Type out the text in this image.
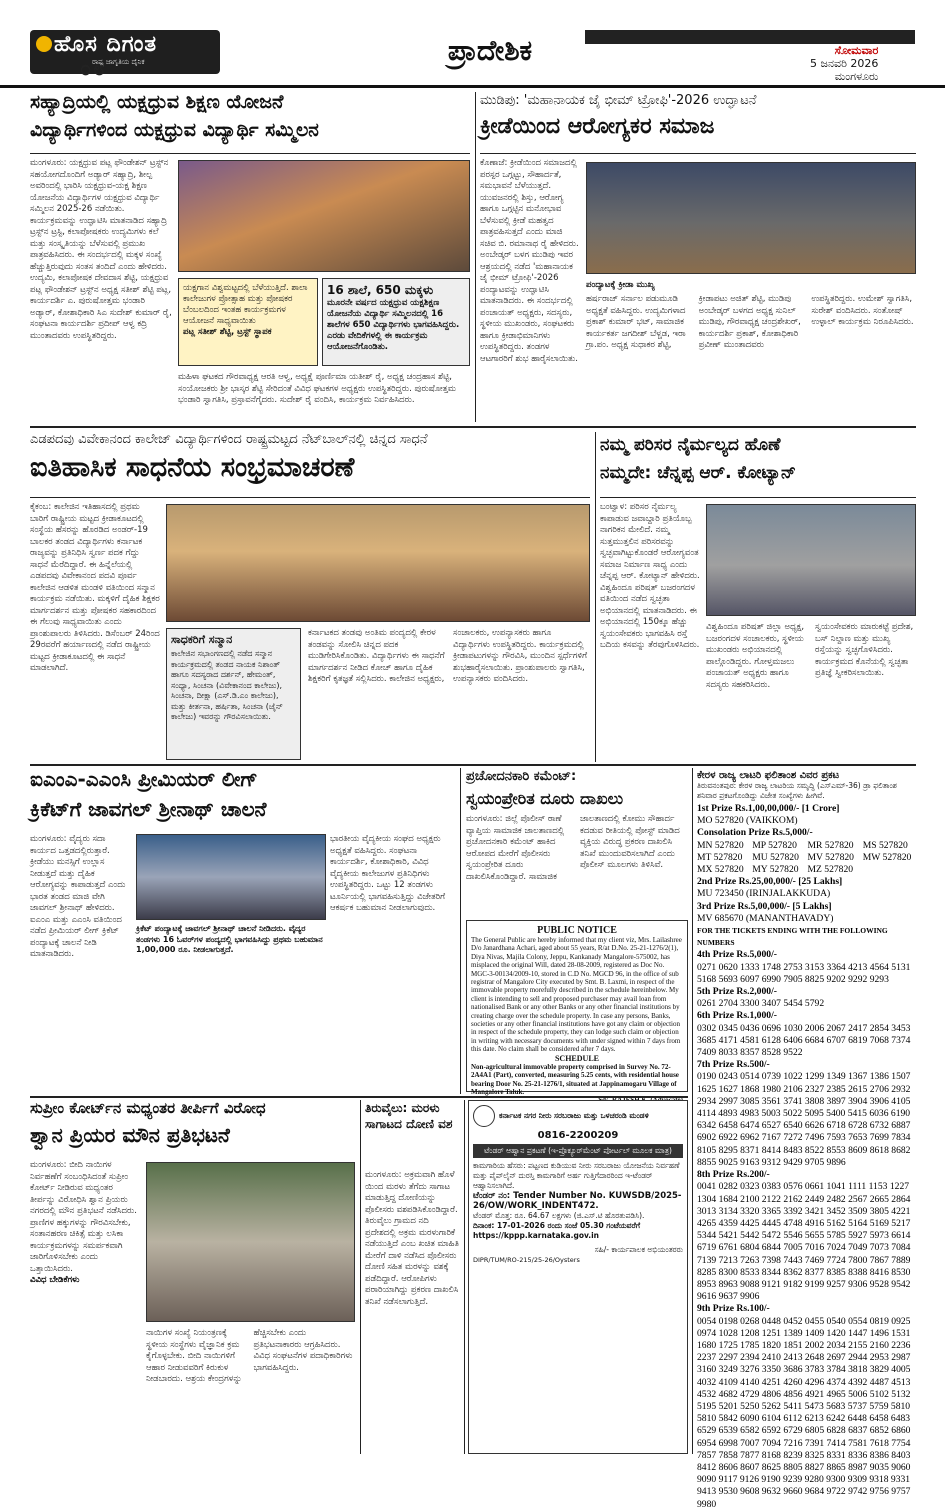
ಹೊಸ ದಿಗಂತ
ರಾಷ್ಟ್ರ ಜಾಗೃತಿಯ ದೈನಿಕ
೦೮
ಪ್ರಾದೇಶಿಕ	ಸೋಮವಾರ
5 ಜನವರಿ 2026
ಮಂಗಳೂರು
ಸಹ್ಯಾದ್ರಿಯಲ್ಲಿ ಯಕ್ಷಧ್ರುವ ಶಿಕ್ಷಣ ಯೋಜನೆ
ವಿದ್ಯಾರ್ಥಿಗಳಿಂದ ಯಕ್ಷಧ್ರುವ ವಿದ್ಯಾರ್ಥಿ ಸಮ್ಮಿಲನ
ಮಂಗಳೂರು: ಯಕ್ಷಧ್ರುವ ಪಟ್ಲ ಫೌಂಡೇಶನ್ ಟ್ರಸ್ಟ್‌ನ ಸಹಯೋಗದೊಂದಿಗೆ ಅಡ್ಯಾರ್ ಸಹ್ಯಾದ್ರಿ, ಶೀಲ್ಪ ಅವರಿಂದಲ್ಲಿ ಭಾರಿಸಿ ಯಕ್ಷಧ್ರುವ-ಯಕ್ಷ ಶಿಕ್ಷಣ ಯೋಜನೆಯ ವಿದ್ಯಾರ್ಥಿಗಳ ಯಕ್ಷಧ್ರುವ ವಿದ್ಯಾರ್ಥಿ ಸಮ್ಮಿಲನ 2025-26 ನಡೆಯಿತು. ಕಾರ್ಯಕ್ರಮವನ್ನು ಉದ್ಘಾಟಿಸಿ ಮಾತನಾಡಿದ ಸಹ್ಯಾದ್ರಿ ಟ್ರಸ್ಟ್‌ನ ಟ್ರಸ್ಟಿ, ಕಲಾಪೋಷಕರು ಉದ್ಯಮಿಗಳು ಕಲೆ ಮತ್ತು ಸಂಸ್ಕೃತಿಯನ್ನು ಬೆಳೆಸುವಲ್ಲಿ ಪ್ರಮುಖ ಪಾತ್ರವಹಿಸಿದರು. ಈ ಸಂದರ್ಭದಲ್ಲಿ ಮಕ್ಕಳ ಸಂಖ್ಯೆ ಹೆಚ್ಚುತ್ತಿರುವುದು ಸಂತಸ ತಂದಿದೆ ಎಂದು ಹೇಳಿದರು. ಉದ್ಯಮಿ, ಕಲಾಪೋಷಕ ದೇವದಾಸ ಶೆಟ್ಟಿ, ಯಕ್ಷಧ್ರುವ ಪಟ್ಲ ಫೌಂಡೇಶನ್ ಟ್ರಸ್ಟ್‌ನ ಅಧ್ಯಕ್ಷ ಸತೀಶ್ ಶೆಟ್ಟಿ ಪಟ್ಲ, ಕಾರ್ಯದರ್ಶಿ ಎ. ಪುರುಷೋತ್ತಮ ಭಂಡಾರಿ ಅಡ್ಯಾರ್, ಕೋಶಾಧಿಕಾರಿ ಸಿಎ ಸುದೇಶ್ ಕುಮಾರ್ ರೈ, ಸಂಘಟನಾ ಕಾರ್ಯದರ್ಶಿ ಪ್ರದೀಪ್ ಆಳ್ವ ಕದ್ರಿ ಮುಂತಾದವರು ಉಪಸ್ಥಿತರಿದ್ದರು.
ಯಕ್ಷಗಾನ ವಿಶ್ವಮಟ್ಟದಲ್ಲಿ ಬೆಳೆಯುತ್ತಿದೆ. ಶಾಲಾ ಕಾಲೇಜುಗಳ ಪ್ರೋತ್ಸಾಹ ಮತ್ತು ಪೋಷಕರ ಬೆಂಬಲದಿಂದ ಇಂತಹ ಕಾರ್ಯಕ್ರಮಗಳ ಆಯೋಜನೆ ಸಾಧ್ಯವಾಯಿತು
ಪಟ್ಲ ಸತೀಶ್ ಶೆಟ್ಟಿ, ಟ್ರಸ್ಟ್ ಸ್ಥಾಪಕ
16 ಶಾಲೆ, 650 ಮಕ್ಕಳು
ಮೂರನೇ ವರ್ಷದ ಯಕ್ಷಧ್ರುವ ಯಕ್ಷಶಿಕ್ಷಣ ಯೋಜನೆಯ ವಿದ್ಯಾರ್ಥಿ ಸಮ್ಮಿಲನದಲ್ಲಿ 16 ಶಾಲೆಗಳ 650 ವಿದ್ಯಾರ್ಥಿಗಳು ಭಾಗವಹಿಸಿದ್ದರು. ಎರಡು ವೇದಿಕೆಗಳಲ್ಲಿ ಈ ಕಾರ್ಯಕ್ರಮ ಆಯೋಜನೆಗೊಂಡಿತು.
ಮಹಿಳಾ ಘಟಕದ ಗೌರವಾಧ್ಯಕ್ಷ ಆರತಿ ಆಳ್ವ, ಅಧ್ಯಕ್ಷೆ ಪೂರ್ಣಿಮಾ ಯತೀಶ್ ರೈ, ಅಧ್ಯಕ್ಷ ಚಂದ್ರಹಾಸ ಶೆಟ್ಟಿ, ಸಂಯೋಜಕರು ಶ್ರೀ ಭಾಸ್ಕರ ಶೆಟ್ಟಿ ಸೇರಿದಂತೆ ವಿವಿಧ ಘಟಕಗಳ ಅಧ್ಯಕ್ಷರು ಉಪಸ್ಥಿತರಿದ್ದರು. ಪುರುಷೋತ್ತಮ ಭಂಡಾರಿ ಸ್ವಾಗತಿಸಿ, ಪ್ರಸ್ತಾವನೆಗೈದರು. ಸುದೇಶ್ ರೈ ವಂದಿಸಿ, ಕಾರ್ಯಕ್ರಮ ನಿರ್ವಹಿಸಿದರು.
ಮುಡಿಪು: 'ಮಹಾನಾಯಕ ಜೈ ಭೀಮ್ ಟ್ರೋಫಿ'-2026 ಉದ್ಘಾಟನೆ
ಕ್ರೀಡೆಯಿಂದ ಆರೋಗ್ಯಕರ ಸಮಾಜ
ಕೊಣಾಜೆ: ಕ್ರೀಡೆಯಿಂದ ಸಮಾಜದಲ್ಲಿ ಪರಸ್ಪರ ಒಗ್ಗಟ್ಟು, ಸೌಹಾರ್ದತೆ, ಸಮಭಾವನೆ ಬೆಳೆಯುತ್ತದೆ. ಯುವಜನರಲ್ಲಿ ಶಿಸ್ತು, ಆರೋಗ್ಯ ಹಾಗೂ ಒಗ್ಗಟ್ಟಿನ ಮನೋಭಾವ ಬೆಳೆಸುವಲ್ಲಿ ಕ್ರೀಡೆ ಮಹತ್ವದ ಪಾತ್ರವಹಿಸುತ್ತದೆ ಎಂದು ಮಾಜಿ ಸಚಿವ ಬಿ. ರಮಾನಾಥ ರೈ ಹೇಳಿದರು. ಅಂಬೇಡ್ಕರ್ ಬಳಗ ಮುಡಿಪು ಇವರ ಆಶ್ರಯದಲ್ಲಿ ನಡೆದ 'ಮಹಾನಾಯಕ ಜೈ ಭೀಮ್ ಟ್ರೋಫಿ'-2026 ಪಂದ್ಯಾಟವನ್ನು ಉದ್ಘಾಟಿಸಿ ಮಾತನಾಡಿದರು. ಈ ಸಂದರ್ಭದಲ್ಲಿ ಪಂಚಾಯತ್ ಅಧ್ಯಕ್ಷರು, ಸದಸ್ಯರು, ಸ್ಥಳೀಯ ಮುಖಂಡರು, ಸಂಘಟಕರು ಹಾಗೂ ಕ್ರೀಡಾಭಿಮಾನಿಗಳು ಉಪಸ್ಥಿತರಿದ್ದರು. ತಂಡಗಳ ಆಟಗಾರರಿಗೆ ಶುಭ ಹಾರೈಸಲಾಯಿತು.
ಪಂದ್ಯಾಟಕ್ಕೆ ಕ್ರೀಡಾ ಮುಖ್ಯ
ಹರ್ಷರಾಜ್ ಸರ್ನಾಲ ಪಡುಮೂಡಿ ಅಧ್ಯಕ್ಷತೆ ವಹಿಸಿದ್ದರು. ಉದ್ಯಮಿಗಳಾದ ಪ್ರಕಾಶ್ ಕುಮಾರ್ ಭಟ್, ಸಾಮಾಜಿಕ ಕಾರ್ಯಕರ್ತ ಜಗದೀಶ್ ಬೆಳ್ಚಡ, ಇರಾ ಗ್ರಾ.ಪಂ. ಅಧ್ಯಕ್ಷ ಸುಧಾಕರ ಶೆಟ್ಟಿ, ಕ್ರೀಡಾಪಟು ಅಜಿತ್ ಶೆಟ್ಟಿ, ಮುಡಿಪು ಅಂಬೇಡ್ಕರ್ ಬಳಗದ ಅಧ್ಯಕ್ಷ ಸುನಿಲ್ ಮುಡಿಪು, ಗೌರವಾಧ್ಯಕ್ಷ ಚಂದ್ರಶೇಖರ್, ಕಾರ್ಯದರ್ಶಿ ಪ್ರಕಾಶ್, ಕೋಶಾಧಿಕಾರಿ ಪ್ರವೀಣ್ ಮುಂತಾದವರು ಉಪಸ್ಥಿತರಿದ್ದರು. ಉಮೇಶ್ ಸ್ವಾಗತಿಸಿ, ಸುರೇಶ್ ವಂದಿಸಿದರು. ಸಂತೋಷ್ ಉಳ್ಳಾಲ್ ಕಾರ್ಯಕ್ರಮ ನಿರೂಪಿಸಿದರು.
ಎಡಪದವು ವಿವೇಕಾನಂದ ಕಾಲೇಜ್ ವಿದ್ಯಾರ್ಥಿಗಳಿಂದ ರಾಷ್ಟ್ರಮಟ್ಟದ ನೆಟ್‌ಬಾಲ್‌ನಲ್ಲಿ ಚಿನ್ನದ ಸಾಧನೆ
ಐತಿಹಾಸಿಕ ಸಾಧನೆಯ ಸಂಭ್ರಮಾಚರಣೆ
ಕೈಕಂಬ: ಕಾಲೇಜಿನ ಇತಿಹಾಸದಲ್ಲಿ ಪ್ರಥಮ ಬಾರಿಗೆ ರಾಷ್ಟ್ರೀಯ ಮಟ್ಟದ ಕ್ರೀಡಾಕೂಟದಲ್ಲಿ ಸಂಸ್ಥೆಯ ಹೆಸರನ್ನು ಹೊರಡಿದ ಅಂಡರ್-19 ಬಾಲಕರ ತಂಡದ ವಿದ್ಯಾರ್ಥಿಗಳು ಕರ್ನಾಟಕ ರಾಜ್ಯವನ್ನು ಪ್ರತಿನಿಧಿಸಿ ಸ್ವರ್ಣ ಪದಕ ಗೆದ್ದು ಸಾಧನೆ ಮೆರೆದಿದ್ದಾರೆ. ಈ ಹಿನ್ನೆಲೆಯಲ್ಲಿ ಎಡಪದವು ವಿವೇಕಾನಂದ ಪದವಿ ಪೂರ್ವ ಕಾಲೇಜಿನ ಆಡಳಿತ ಮಂಡಳಿ ವತಿಯಿಂದ ಸನ್ಮಾನ ಕಾರ್ಯಕ್ರಮ ನಡೆಯಿತು. ಮಕ್ಕಳಿಗೆ ದೈಹಿಕ ಶಿಕ್ಷಕರ ಮಾರ್ಗದರ್ಶನ ಮತ್ತು ಪೋಷಕರ ಸಹಕಾರದಿಂದ ಈ ಗೆಲುವು ಸಾಧ್ಯವಾಯಿತು ಎಂದು ಪ್ರಾಂಶುಪಾಲರು ತಿಳಿಸಿದರು. ಡಿಸೆಂಬರ್ 24ರಿಂದ 29ರವರೆಗೆ ಹರ್ಯಾಣದಲ್ಲಿ ನಡೆದ ರಾಷ್ಟ್ರೀಯ ಮಟ್ಟದ ಕ್ರೀಡಾಕೂಟದಲ್ಲಿ ಈ ಸಾಧನೆ ಮಾಡಲಾಗಿದೆ.
ಸಾಧಕರಿಗೆ ಸನ್ಮಾನ
ಕಾಲೇಜಿನ ಸಭಾಂಗಣದಲ್ಲಿ ನಡೆದ ಸನ್ಮಾನ ಕಾರ್ಯಕ್ರಮದಲ್ಲಿ ತಂಡದ ನಾಯಕ ನಿಶಾಂತ್ ಹಾಗೂ ಸದಸ್ಯರಾದ ದರ್ಶನ್, ಹೇಮಂತ್, ಸಂಧ್ಯಾ, ಸಿಂಚನಾ (ವಿವೇಕಾನಂದ ಕಾಲೇಜು), ಸಿಂಚನಾ, ದೀಕ್ಷಾ (ಎಸ್.ಡಿ.ಎಂ ಕಾಲೇಜು), ಮತ್ತು ಕೀರ್ತನಾ, ಹರ್ಷಿತಾ, ಸಿಂಚನಾ (ಜೈನ್ ಕಾಲೇಜು) ಇವರನ್ನು ಗೌರವಿಸಲಾಯಿತು.
ಕರ್ನಾಟಕದ ತಂಡವು ಅಂತಿಮ ಪಂದ್ಯದಲ್ಲಿ ಕೇರಳ ತಂಡವನ್ನು ಸೋಲಿಸಿ ಚಿನ್ನದ ಪದಕ ಮುಡಿಗೇರಿಸಿಕೊಂಡಿತು. ವಿದ್ಯಾರ್ಥಿಗಳು ಈ ಸಾಧನೆಗೆ ಮಾರ್ಗದರ್ಶನ ನೀಡಿದ ಕೋಚ್ ಹಾಗೂ ದೈಹಿಕ ಶಿಕ್ಷಕರಿಗೆ ಕೃತಜ್ಞತೆ ಸಲ್ಲಿಸಿದರು. ಕಾಲೇಜಿನ ಅಧ್ಯಕ್ಷರು, ಸಂಚಾಲಕರು, ಉಪನ್ಯಾಸಕರು ಹಾಗೂ ವಿದ್ಯಾರ್ಥಿಗಳು ಉಪಸ್ಥಿತರಿದ್ದರು. ಕಾರ್ಯಕ್ರಮದಲ್ಲಿ ಕ್ರೀಡಾಪಟುಗಳನ್ನು ಗೌರವಿಸಿ, ಮುಂದಿನ ಸ್ಪರ್ಧೆಗಳಿಗೆ ಶುಭಹಾರೈಸಲಾಯಿತು. ಪ್ರಾಂಶುಪಾಲರು ಸ್ವಾಗತಿಸಿ, ಉಪನ್ಯಾಸಕರು ವಂದಿಸಿದರು.
ನಮ್ಮ ಪರಿಸರ ನೈರ್ಮಲ್ಯದ ಹೊಣೆ
ನಮ್ಮದೇ: ಚೆನ್ನಪ್ಪ ಆರ್. ಕೋಟ್ಯಾನ್
ಬಂಟ್ವಾಳ: ಪರಿಸರ ನೈರ್ಮಲ್ಯ ಕಾಪಾಡುವ ಜವಾಬ್ದಾರಿ ಪ್ರತಿಯೊಬ್ಬ ನಾಗರಿಕನ ಮೇಲಿದೆ. ನಮ್ಮ ಸುತ್ತಮುತ್ತಲಿನ ಪರಿಸರವನ್ನು ಸ್ವಚ್ಛವಾಗಿಟ್ಟುಕೊಂಡರೆ ಆರೋಗ್ಯವಂತ ಸಮಾಜ ನಿರ್ಮಾಣ ಸಾಧ್ಯ ಎಂದು ಚೆನ್ನಪ್ಪ ಆರ್. ಕೋಟ್ಯಾನ್ ಹೇಳಿದರು. ವಿಶ್ವಹಿಂದೂ ಪರಿಷತ್ ಬಜರಂಗದಳ ವತಿಯಿಂದ ನಡೆದ ಸ್ವಚ್ಛತಾ ಅಭಿಯಾನದಲ್ಲಿ ಮಾತನಾಡಿದರು. ಈ ಅಭಿಯಾನದಲ್ಲಿ 150ಕ್ಕೂ ಹೆಚ್ಚು ಸ್ವಯಂಸೇವಕರು ಭಾಗವಹಿಸಿ ರಸ್ತೆ ಬದಿಯ ಕಸವನ್ನು ತೆರವುಗೊಳಿಸಿದರು.
ವಿಶ್ವಹಿಂದೂ ಪರಿಷತ್ ಜಿಲ್ಲಾ ಅಧ್ಯಕ್ಷ, ಬಜರಂಗದಳ ಸಂಚಾಲಕರು, ಸ್ಥಳೀಯ ಮುಖಂಡರು ಅಭಿಯಾನದಲ್ಲಿ ಪಾಲ್ಗೊಂಡಿದ್ದರು. ಗೋಳ್ತಮಜಲು ಪಂಚಾಯತ್ ಅಧ್ಯಕ್ಷರು ಹಾಗೂ ಸದಸ್ಯರು ಸಹಕರಿಸಿದರು. ಸ್ವಯಂಸೇವಕರು ಮಾರುಕಟ್ಟೆ ಪ್ರದೇಶ, ಬಸ್ ನಿಲ್ದಾಣ ಮತ್ತು ಮುಖ್ಯ ರಸ್ತೆಯನ್ನು ಸ್ವಚ್ಛಗೊಳಿಸಿದರು. ಕಾರ್ಯಕ್ರಮದ ಕೊನೆಯಲ್ಲಿ ಸ್ವಚ್ಛತಾ ಪ್ರತಿಜ್ಞೆ ಸ್ವೀಕರಿಸಲಾಯಿತು.
ಐಎಂಎ-ಎಎಂಸಿ ಪ್ರೀಮಿಯರ್ ಲೀಗ್
ಕ್ರಿಕೆಟ್‌ಗೆ ಜಾವಗಲ್ ಶ್ರೀನಾಥ್ ಚಾಲನೆ
ಮಂಗಳೂರು: ವೈದ್ಯರು ಸದಾ ಕಾರ್ಯದ ಒತ್ತಡದಲ್ಲಿರುತ್ತಾರೆ. ಕ್ರೀಡೆಯು ಮನಸ್ಸಿಗೆ ಉಲ್ಲಾಸ ನೀಡುತ್ತದೆ ಮತ್ತು ದೈಹಿಕ ಆರೋಗ್ಯವನ್ನು ಕಾಪಾಡುತ್ತದೆ ಎಂದು ಭಾರತ ತಂಡದ ಮಾಜಿ ವೇಗಿ ಜಾವಗಲ್ ಶ್ರೀನಾಥ್ ಹೇಳಿದರು. ಐಎಂಎ ಮತ್ತು ಎಎಂಸಿ ವತಿಯಿಂದ ನಡೆದ ಪ್ರೀಮಿಯರ್ ಲೀಗ್ ಕ್ರಿಕೆಟ್ ಪಂದ್ಯಾಟಕ್ಕೆ ಚಾಲನೆ ನೀಡಿ ಮಾತನಾಡಿದರು.
ಕ್ರಿಕೆಟ್ ಪಂದ್ಯಾಟಕ್ಕೆ ಜಾವಗಲ್ ಶ್ರೀನಾಥ್ ಚಾಲನೆ ನೀಡಿದರು. ವೈದ್ಯರ ತಂಡಗಳು 16 ಓವರ್‌ಗಳ ಪಂದ್ಯದಲ್ಲಿ ಭಾಗವಹಿಸಿದ್ದು ಪ್ರಥಮ ಬಹುಮಾನ 1,00,000 ರೂ. ನೀಡಲಾಗುತ್ತದೆ.
ಭಾರತೀಯ ವೈದ್ಯಕೀಯ ಸಂಘದ ಅಧ್ಯಕ್ಷರು ಅಧ್ಯಕ್ಷತೆ ವಹಿಸಿದ್ದರು. ಸಂಘಟನಾ ಕಾರ್ಯದರ್ಶಿ, ಕೋಶಾಧಿಕಾರಿ, ವಿವಿಧ ವೈದ್ಯಕೀಯ ಕಾಲೇಜುಗಳ ಪ್ರತಿನಿಧಿಗಳು ಉಪಸ್ಥಿತರಿದ್ದರು. ಒಟ್ಟು 12 ತಂಡಗಳು ಟೂರ್ನಿಯಲ್ಲಿ ಭಾಗವಹಿಸುತ್ತಿದ್ದು ವಿಜೇತರಿಗೆ ಆಕರ್ಷಕ ಬಹುಮಾನ ನೀಡಲಾಗುವುದು.
ಪ್ರಚೋದನಕಾರಿ ಕಮೆಂಟ್:
ಸ್ವಯಂಪ್ರೇರಿತ ದೂರು ದಾಖಲು
ಮಂಗಳೂರು: ಜಿಲ್ಲೆ ಪೊಲೀಸ್ ಠಾಣೆ ವ್ಯಾಪ್ತಿಯ ಸಾಮಾಜಿಕ ಜಾಲತಾಣದಲ್ಲಿ ಪ್ರಚೋದನಕಾರಿ ಕಮೆಂಟ್ ಹಾಕಿದ ಆರೋಪದ ಮೇರೆಗೆ ಪೊಲೀಸರು ಸ್ವಯಂಪ್ರೇರಿತ ದೂರು ದಾಖಲಿಸಿಕೊಂಡಿದ್ದಾರೆ. ಸಾಮಾಜಿಕ ಜಾಲತಾಣದಲ್ಲಿ ಕೋಮು ಸೌಹಾರ್ದ ಕದಡುವ ರೀತಿಯಲ್ಲಿ ಪೋಸ್ಟ್ ಮಾಡಿದ ವ್ಯಕ್ತಿಯ ವಿರುದ್ಧ ಪ್ರಕರಣ ದಾಖಲಿಸಿ ತನಿಖೆ ಮುಂದುವರಿಸಲಾಗಿದೆ ಎಂದು ಪೊಲೀಸ್ ಮೂಲಗಳು ತಿಳಿಸಿವೆ.
PUBLIC NOTICE
The General Public are hereby informed that my client viz, Mrs. Lailashree D/o Janardhana Achari, aged about 55 years, R/at D.No. 25-21-1276/2(1), Diya Nivas, Majila Colony, Jeppu, Kankanady Mangalore-575002, has misplaced the original Will, dated 28-08-2009, registered as Doc No. MGC-3-00134/2009-10, stored in C.D No. MGCD 96, in the office of sub registrar of Mangalore City executed by Smt. B. Laxmi, in respect of the immovable property morefully described in the schedule hereinbelow. My client is intending to sell and proposed purchaser may avail loan from nationalised Bank or any other Banks or any other financial institutions by creating charge over the schedule property. In case any persons, Banks, societies or any other financial institutions have got any claim or objection in respect of the schedule property, they can lodge such claim or objection in writing with necessary documents with under signed within 7 days from this date. No claim shall be considered after 7 days.
SCHEDULE
Non-agricultural immovable property comprised in Survey No. 72-2A4A1 (Part), converted, measuring 5.25 cents, with residential house bearing Door No. 25-21-1276/1, situated at Jappinamogaru Village of Mangalore Taluk.
ಕೇರಳ ರಾಜ್ಯ ಲಾಟರಿ ಫಲಿತಾಂಶ ವಿವರ ಪ್ರಕಟ
ತಿರುವನಂತಪುರ: ಕೇರಳ ರಾಜ್ಯ ಲಾಟರಿಯ ಸಮೃದ್ಧಿ (ಎಸ್‌ಎಮ್-36) ಡ್ರಾ ಫಲಿತಾಂಶ ಶನಿವಾರ ಪ್ರಕಟಗೊಂಡಿದ್ದು ವಿಜೇತ ಸಂಖ್ಯೆಗಳು ಹೀಗಿವೆ.
1st Prize Rs.1,00,00,000/- [1 Crore]
MO 527820 (VAIKKOM)
Consolation Prize Rs.5,000/-
MN 527820 MP 527820	MR 527820 MS 527820
MT 527820	MU 527820 MV 527820 MW 527820
MX 527820 MY 527820 MZ 527820
2nd Prize Rs.25,00,000/- [25 Lakhs]
MU 723450 (IRINJALAKKUDA)
3rd Prize Rs.5,00,000/- [5 Lakhs]
MV 685670 (MANANTHAVADY)
FOR THE TICKETS ENDING WITH THE FOLLOWING NUMBERS
4th Prize Rs.5,000/-
0271 0620 1333 1748 2753 3153 3364 4213 4564 5131 5168 5693 6097 6990 7905 8825 9202 9292 9293
5th Prize Rs.2,000/-
0261 2704 3300 3407 5454 5792
6th Prize Rs.1,000/-
0302 0345 0436 0696 1030 2006 2067 2417 2854 3453 3685 4171 4581 6128 6406 6684 6707 6819 7068 7374 7409 8033 8357 8528 9522
7th Prize Rs.500/-
0190 0243 0514 0739 1022 1299 1349 1367 1386 1507 1625 1627 1868 1980 2106 2327 2385 2615 2706 2932 2934 2997 3085 3561 3741 3808 3897 3904 3906 4105 4114 4893 4983 5003 5022 5095 5400 5415 6036 6190 6342 6458 6474 6527 6540 6626 6718 6728 6732 6887 6902 6922 6962 7167 7272 7496 7593 7653 7699 7834 8105 8295 8371 8414 8483 8522 8553 8609 8618 8682 8855 9025 9163 9312 9429 9705 9896
8th Prize Rs.200/-
0041 0282 0323 0383 0576 0661 1041 1111 1153 1227 1304 1684 2100 2122 2162 2449 2482 2567 2665 2864 3013 3134 3320 3365 3392 3421 3452 3509 3805 4221 4265 4359 4425 4445 4748 4916 5162 5164 5169 5217 5344 5421 5442 5472 5546 5655 5785 5927 5973 6614 6719 6761 6804 6844 7005 7016 7024 7049 7073 7084 7139 7213 7263 7398 7443 7469 7724 7800 7867 7889 8285 8300 8533 8344 8362 8377 8385 8388 8416 8530 8953 8963 9088 9121 9182 9199 9257 9306 9528 9542 9616 9637 9906
9th Prize Rs.100/-
0054 0198 0268 0448 0452 0455 0540 0554 0819 0925 0974 1028 1208 1251 1389 1409 1420 1447 1496 1531 1680 1725 1785 1820 1851 2002 2034 2155 2160 2236 2237 2297 2394 2410 2413 2648 2697 2944 2953 2987 3160 3249 3276 3350 3686 3783 3784 3818 3829 4005 4032 4109 4140 4251 4260 4296 4374 4392 4487 4513 4532 4682 4729 4806 4856 4921 4965 5006 5102 5132 5195 5201 5250 5262 5411 5473 5683 5737 5759 5810 5810 5842 6090 6104 6112 6213 6242 6448 6458 6483 6529 6539 6582 6592 6729 6805 6828 6837 6852 6860 6954 6998 7007 7094 7216 7391 7414 7581 7618 7754 7857 7858 7877 8168 8239 8325 8331 8336 8386 8403 8412 8606 8607 8625 8805 8827 8865 8987 9035 9060 9090 9117 9126 9190 9239 9280 9300 9309 9318 9331 9413 9530 9608 9632 9660 9684 9722 9742 9756 9757 9980
ಸುಪ್ರೀಂ ಕೋರ್ಟ್‌ನ ಮಧ್ಯಂತರ ತೀರ್ಪಿಗೆ ವಿರೋಧ
ಶ್ವಾನ ಪ್ರಿಯರ ಮೌನ ಪ್ರತಿಭಟನೆ
ಮಂಗಳೂರು: ಬೀದಿ ನಾಯಿಗಳ ನಿರ್ವಹಣೆಗೆ ಸಂಬಂಧಿಸಿದಂತೆ ಸುಪ್ರೀಂ ಕೋರ್ಟ್ ನೀಡಿರುವ ಮಧ್ಯಂತರ ತೀರ್ಪನ್ನು ವಿರೋಧಿಸಿ ಶ್ವಾನ ಪ್ರಿಯರು ನಗರದಲ್ಲಿ ಮೌನ ಪ್ರತಿಭಟನೆ ನಡೆಸಿದರು. ಪ್ರಾಣಿಗಳ ಹಕ್ಕುಗಳನ್ನು ಗೌರವಿಸಬೇಕು, ಸಂತಾನಹರಣ ಚಿಕಿತ್ಸೆ ಮತ್ತು ಲಸಿಕಾ ಕಾರ್ಯಕ್ರಮಗಳನ್ನು ಸಮರ್ಪಕವಾಗಿ ಜಾರಿಗೊಳಿಸಬೇಕು ಎಂದು ಒತ್ತಾಯಿಸಿದರು.
ವಿವಿಧ ಬೇಡಿಕೆಗಳು
ನಾಯಿಗಳ ಸಂಖ್ಯೆ ನಿಯಂತ್ರಣಕ್ಕೆ ಸ್ಥಳೀಯ ಸಂಸ್ಥೆಗಳು ವೈಜ್ಞಾನಿಕ ಕ್ರಮ ಕೈಗೊಳ್ಳಬೇಕು. ಬೀದಿ ನಾಯಿಗಳಿಗೆ ಆಹಾರ ನೀಡುವವರಿಗೆ ಕಿರುಕುಳ ನೀಡಬಾರದು. ಆಶ್ರಯ ಕೇಂದ್ರಗಳನ್ನು ಹೆಚ್ಚಿಸಬೇಕು ಎಂದು ಪ್ರತಿಭಟನಾಕಾರರು ಆಗ್ರಹಿಸಿದರು. ವಿವಿಧ ಸಂಘಟನೆಗಳ ಪದಾಧಿಕಾರಿಗಳು ಭಾಗವಹಿಸಿದ್ದರು.
ತಿರುವೈಲು: ಮರಳು ಸಾಗಾಟದ ದೋಣಿ ವಶ
ಮಂಗಳೂರು: ಅಕ್ರಮವಾಗಿ ಹೊಳೆ ಯಿಂದ ಮರಳು ತೆಗೆದು ಸಾಗಾಟ ಮಾಡುತ್ತಿದ್ದ ದೋಣಿಯನ್ನು ಪೊಲೀಸರು ವಶಪಡಿಸಿಕೊಂಡಿದ್ದಾರೆ. ತಿರುವೈಲು ಗ್ರಾಮದ ನದಿ ಪ್ರದೇಶದಲ್ಲಿ ಅಕ್ರಮ ಮರಳುಗಾರಿಕೆ ನಡೆಯುತ್ತಿದೆ ಎಂಬ ಖಚಿತ ಮಾಹಿತಿ ಮೇರೆಗೆ ದಾಳಿ ನಡೆಸಿದ ಪೊಲೀಸರು ದೋಣಿ ಸಹಿತ ಮರಳನ್ನು ವಶಕ್ಕೆ ಪಡೆದಿದ್ದಾರೆ. ಆರೋಪಿಗಳು ಪರಾರಿಯಾಗಿದ್ದು ಪ್ರಕರಣ ದಾಖಲಿಸಿ ತನಿಖೆ ನಡೆಸಲಾಗುತ್ತಿದೆ.
ಕರ್ನಾಟಕ ನಗರ ನೀರು ಸರಬರಾಜು ಮತ್ತು ಒಳಚರಂಡಿ ಮಂಡಳಿ
0816-2200209
ಟೆಂಡರ್ ಆಹ್ವಾನ ಪ್ರಕಟಣೆ (ಇ-ಪ್ರೊಕ್ಯೂರ್‌ಮೆಂಟ್ ಪೋರ್ಟಲ್ ಮೂಲಕ ಮಾತ್ರ)
ಕಾಮಗಾರಿಯ ಹೆಸರು: ಪಟ್ಟಣದ ಕುಡಿಯುವ ನೀರು ಸರಬರಾಜು ಯೋಜನೆಯ ನಿರ್ವಹಣೆ ಮತ್ತು ಪೈಪ್‌ಲೈನ್ ದುರಸ್ತಿ ಕಾಮಗಾರಿಗೆ ಅರ್ಹ ಗುತ್ತಿಗೆದಾರರಿಂದ ಇ-ಟೆಂಡರ್ ಆಹ್ವಾನಿಸಲಾಗಿದೆ.
ಟೆಂಡರ್ ನಂ: Tender Number No. KUWSDB/2025-26/OW/WORK_INDENT472.
ಟೆಂಡರ್ ಮೊತ್ತ: ರೂ. 64.67 ಲಕ್ಷಗಳು (ಜಿ.ಎಸ್.ಟಿ ಹೊರತುಪಡಿಸಿ).
ದಿನಾಂಕ: 17-01-2026 ರಂದು ಸಂಜೆ 05.30 ಗಂಟೆಯವರೆಗೆ
https://kppp.karnataka.gov.in
ಸಹಿ/- ಕಾರ್ಯಪಾಲಕ ಅಭಿಯಂತರರು
DIPR/TUM/RO-215/25-26/Oysters
